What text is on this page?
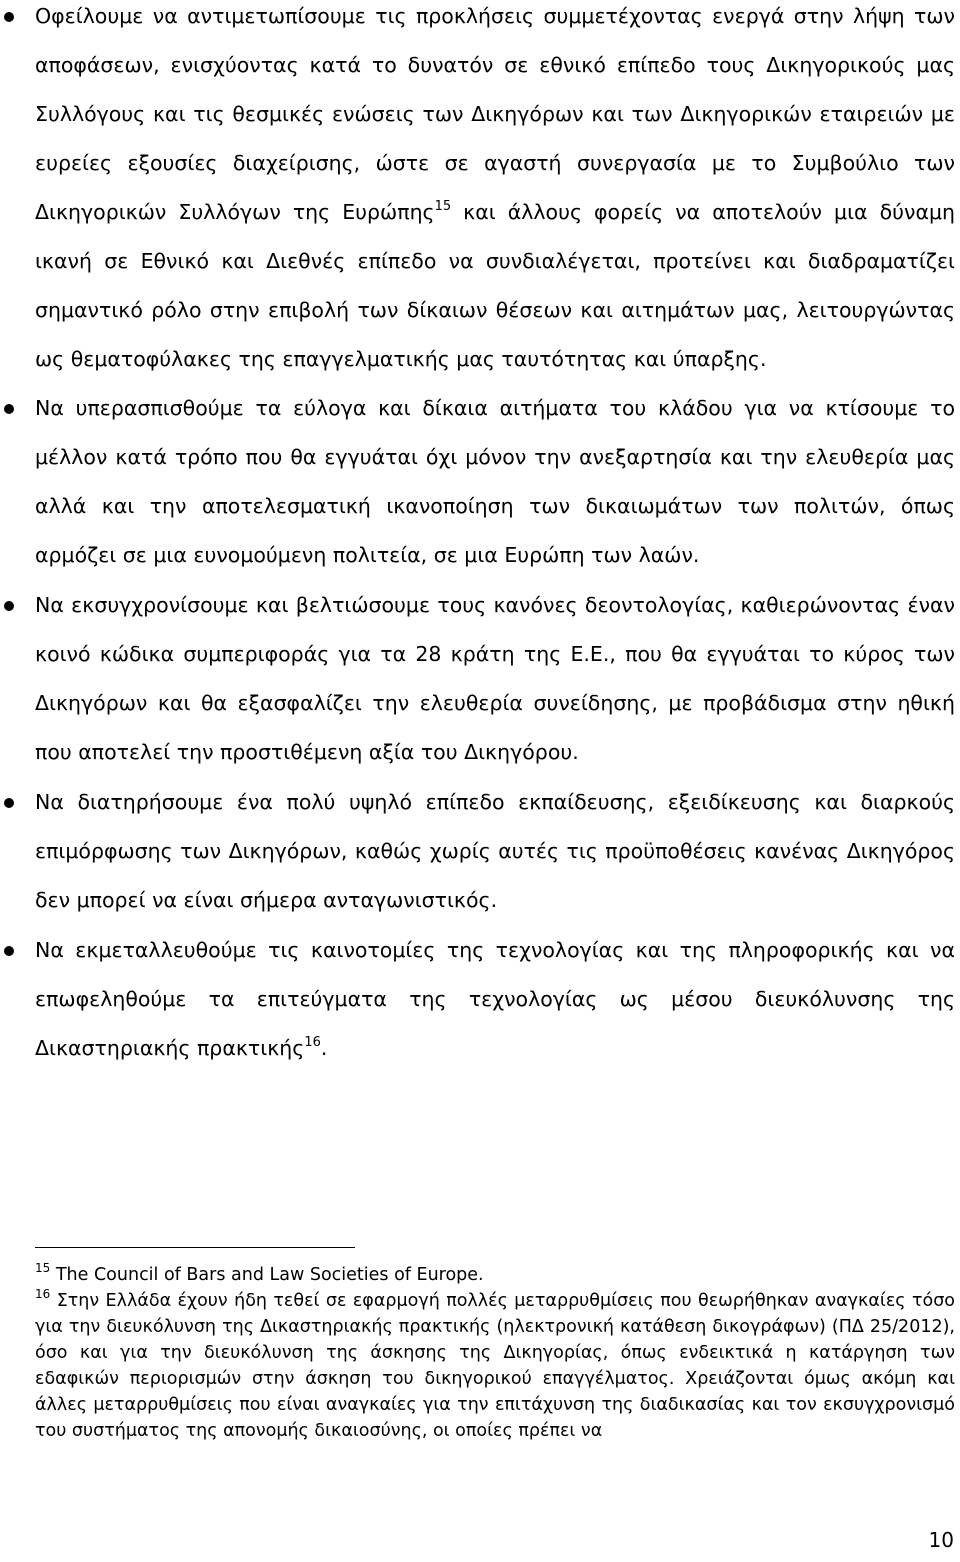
Οφείλουμε να αντιμετωπίσουμε τις προκλήσεις συμμετέχοντας ενεργά στην λήψη των αποφάσεων, ενισχύοντας κατά το δυνατόν σε εθνικό επίπεδο τους Δικηγορικούς μας Συλλόγους και τις θεσμικές ενώσεις των Δικηγόρων και των Δικηγορικών εταιρειών με ευρείες εξουσίες διαχείρισης, ώστε σε αγαστή συνεργασία με το Συμβούλιο των Δικηγορικών Συλλόγων της Ευρώπης$^{15}$ και άλλους φορείς να αποτελούν μια δύναμη ικανή σε Εθνικό και Διεθνές επίπεδο να συνδιαλέγεται, προτείνει και διαδραματίζει σημαντικό ρόλο στην επιβολή των δίκαιων θέσεων και αιτημάτων μας, λειτουργώντας ως θεματοφύλακες της επαγγελματικής μας ταυτότητας και ύπαρξης.
Να υπερασπισθούμε τα εύλογα και δίκαια αιτήματα του κλάδου για να κτίσουμε το μέλλον κατά τρόπο που θα εγγυάται όχι μόνον την ανεξαρτησία και την ελευθερία μας αλλά και την αποτελεσματική ικανοποίηση των δικαιωμάτων των πολιτών, όπως αρμόζει σε μια ευνομούμενη πολιτεία, σε μια Ευρώπη των λαών.
Να εκσυγχρονίσουμε και βελτιώσουμε τους κανόνες δεοντολογίας, καθιερώνοντας έναν κοινό κώδικα συμπεριφοράς για τα 28 κράτη της Ε.Ε., που θα εγγυάται το κύρος των Δικηγόρων και θα εξασφαλίζει την ελευθερία συνείδησης, με προβάδισμα στην ηθική που αποτελεί την προστιθέμενη αξία του Δικηγόρου.
Να διατηρήσουμε ένα πολύ υψηλό επίπεδο εκπαίδευσης, εξειδίκευσης και διαρκούς επιμόρφωσης των Δικηγόρων, καθώς χωρίς αυτές τις προϋποθέσεις κανένας Δικηγόρος δεν μπορεί να είναι σήμερα ανταγωνιστικός.
Να εκμεταλλευθούμε τις καινοτομίες της τεχνολογίας και της πληροφορικής και να επωφεληθούμε τα επιτεύγματα της τεχνολογίας ως μέσου διευκόλυνσης της Δικαστηριακής πρακτικής$^{16}$.

$^{15}$ The Council of Bars and Law Societies of Europe.

$^{16}$ Στην Ελλάδα έχουν ήδη τεθεί σε εφαρμογή πολλές μεταρρυθμίσεις που θεωρήθηκαν αναγκαίες τόσο για την διευκόλυνση της Δικαστηριακής πρακτικής (ηλεκτρονική κατάθεση δικογράφων) (ΠΔ 25/2012), όσο και για την διευκόλυνση της άσκησης της Δικηγορίας, όπως ενδεικτικά η κατάργηση των εδαφικών περιορισμών στην άσκηση του δικηγορικού επαγγέλματος. Χρειάζονται όμως ακόμη και άλλες μεταρρυθμίσεις που είναι αναγκαίες για την επιτάχυνση της διαδικασίας και τον εκσυγχρονισμό του συστήματος της απονομής δικαιοσύνης, οι οποίες πρέπει να

10
